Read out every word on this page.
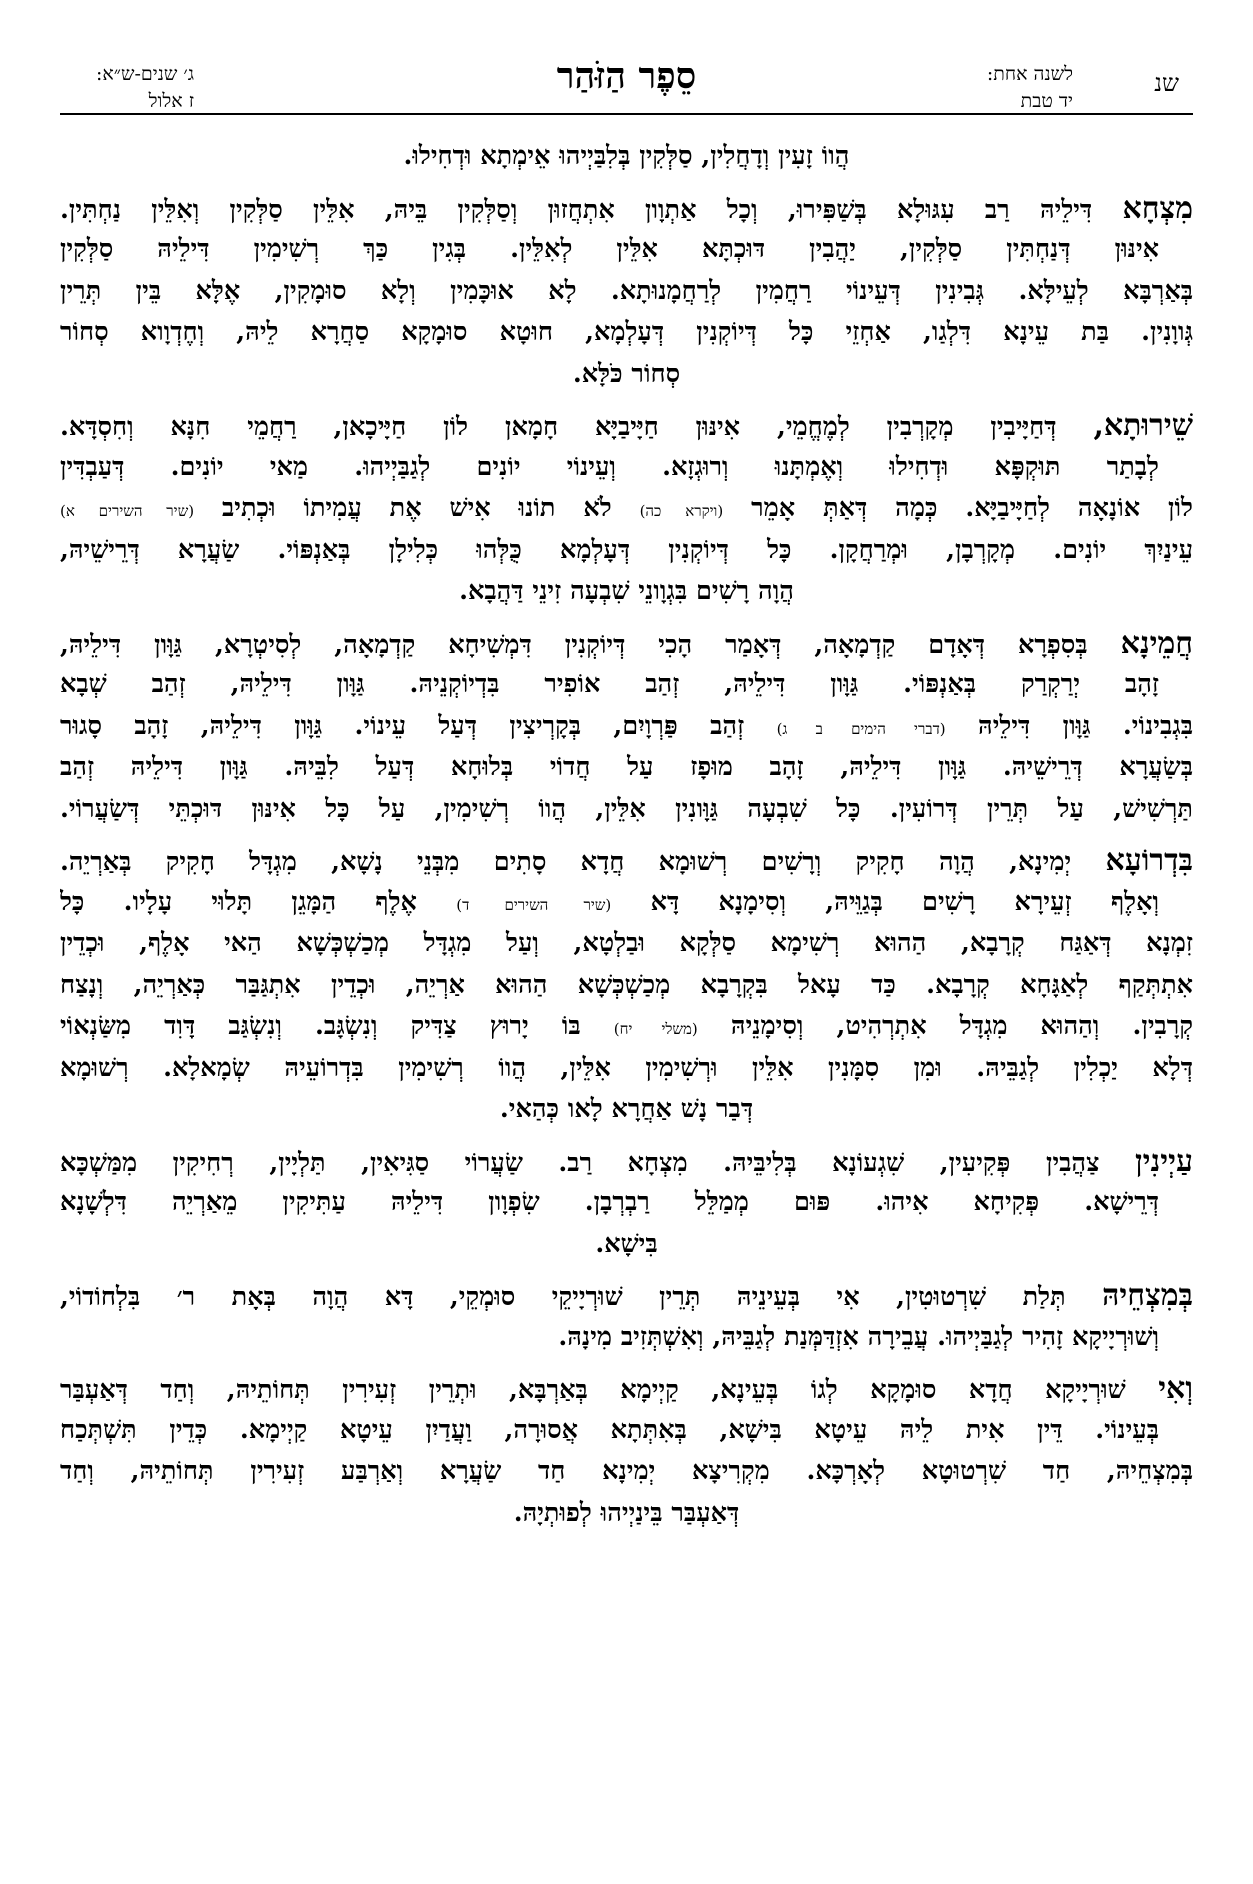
שנ
לשנה אחת:
יד טבת
סֵפֶר הַזֹּהַר
ג׳ שנים-ש״א:
ז אלול
הֲווֹ זָעִין וְדָחֲלִין, סַלְּקִין בְּלִבַּיְיהוּ אֵימְתָא וּדְחִילוּ.
מִצְחָא דִּילֵיהּ רַב עִגּוּלָא בְּשַׁפִּירוּ, וְכָל אַתְוָון אִתְחֲזוּן וְסַלְּקִין בֵּיהּ, אִלֵּין סַלְּקִין וְאִלֵּין נַחְתִּין.
אִינּוּן דְּנַחְתִּין סַלְּקִין, יַהֲבִין דּוּכְתָּא אִלֵּין לְאִלֵּין. בְּגִין כַּךְ רְשִׁימִין דִּילֵיהּ סַלְּקִין
בְּאַרְבָּא לְעֵילָּא. גְּבִינִין דְּעֵינוֹי רַחֲמִין לְרַחֲמָנוּתָא. לָא אוּכָּמִין וְלָא סוּמָקִין, אֶלָּא בֵּין תְּרֵין
גְּווָנִין. בַּת עֵינָא דִּלְגַו, אַחְזֵי כָּל דְּיוֹקְנִין דְּעָלְמָא, חוּטָא סוּמָקָא סַחֲרָא לֵיהּ, וְחֶדְוָוא סְחוֹר
סְחוֹר כֹּלָּא.
שֵׁירוּתָא, דְּחַיָּיבִין מְקָרְבִין לְמֶחֱמֵי, אִינּוּן חַיָּיבַיָּא חָמָאן לוֹן חַיָּיכָאן, רַחֲמֵי חִנָּא וְחִסְדָּא.
לְבָתַר תּוּקְפָּא וּדְחִילוּ וְאֶמְתָּנוּ וְרוּגְזָא. וְעֵינוֹי יוֹנִים לְגַבַּיְיהוּ. מַאי יוֹנִים. דְּעַבְדִּין
לוֹן אוֹנָאָה לְחַיָּיבַיָּא. כְּמָה דְּאַתְּ אָמֵר (ויקרא כה) לֹא תוֹנוּ אִישׁ אֶת עֲמִיתוֹ וּכְתִיב (שיר השירים א)
עֵינַיִךְ יוֹנִים. מְקָרְבָן, וּמְרַחֲקָן. כָּל דְּיוֹקְנִין דְּעָלְמָא כֻּלְּהוּ כְּלִילָן בְּאַנְפּוֹי. שַׂעֲרָא דְּרֵישֵׁיהּ,
הֲוָה רָשִׁים בִּגְוָונֵי שִׁבְעָה זִינֵי דַּהֲבָא.
חֲמֵינָא בְּסִפְרָא דְּאָדָם קַדְמָאָה, דְּאָמַר הָכִי דְּיוֹקְנִין דִּמְשִׁיחָא קַדְמָאָה, לְסִיטְרָא, גַּוָּון דִּילֵיהּ,
זָהָב יְרַקְרַק בְּאַנְפּוֹי. גַּוָּון דִּילֵיהּ, זְהַב אוֹפִיר בִּדְיוֹקְנֵיהּ. גַּוָּון דִּילֵיהּ, זְהַב שְׁבָא
בִּגְבִינוֹי. גַּוָּון דִּילֵיהּ (דברי הימים ב ג) זְהַב פַּרְוָיִם, בְּקָרְיצִין דְּעַל עֵינוֹי. גַּוָּון דִּילֵיהּ, זָהָב סָגוּר
בְּשַׂעֲרָא דְּרֵישֵׁיהּ. גַּוָּון דִּילֵיהּ, זָהָב מוּפָז עַל חֲדוֹי בְּלוּחָא דְּעַל לִבֵּיהּ. גַּוָּון דִּילֵיהּ זְהַב
תַּרְשִׁישׁ, עַל תְּרֵין דְּרוֹעִין. כָּל שִׁבְעָה גַּוָּונִין אִלֵּין, הֲווֹ רְשִׁימִין, עַל כָּל אִינּוּן דּוּכְתֵּי דְּשַׂעֲרוֹי.
בִּדְרוֹעָא יְמִינָא, הֲוָה חָקִיק וְרָשִׁים רְשׁוּמָא חֲדָא סָתִים מִבְּנֵי נָשָׁא, מִגְדָּל חָקִיק בְּאַרְיֵה.
וְאָלֶף זְעֵירָא רָשִׁים בְּגַוֵּיהּ, וְסִימָנָא דָּא (שיר השירים ד) אֶלֶף הַמָּגֵן תָּלוּי עָלָיו. כָּל
זִמְנָא דְּאַגַּח קְרָבָא, הַהוּא רְשִׁימָא סַלְּקָא וּבַלְטָא, וְעַל מִגְדָּל מְכַשְׁכְּשָׁא הַאי אָלֶף, וּכְדֵין
אִתְתְּקַף לְאַגָּחָא קְרָבָא. כַּד עָאל בִּקְרָבָא מְכַשְׁכְּשָׁא הַהוּא אַרְיֵה, וּכְדֵין אִתְגַּבַּר כְּאַרְיֵה, וְנָצַח
קְרָבִין. וְהַהוּא מִגְדָּל אִתְרְהִיט, וְסִימָנֵיהּ (משלי יח) בּוֹ יָרוּץ צַדִּיק וְנִשְׂגָּב. וְנִשְׂגַּב דָּוִד מִשַּׂנְאוֹי
דְּלָא יַכְלִין לְגַבֵּיהּ. וּמִן סִמָּנִין אִלֵּין וּרְשִׁימִין אִלֵּין, הֲווֹ רְשִׁימִין בִּדְרוֹעֵיהּ שְׂמָאלָא. רְשׁוּמָא
דְּבַר נָשׁ אַחֲרָא לָאו כְּהַאי.
עַיְינִין צַהֲבִין פְּקִיעִין, שִׁגְעוֹנָא בְּלִיבֵּיהּ. מִצְחָא רַב. שַׂעֲרוֹי סַגִּיאִין, תַּלְיָין, רְחִיקִין מִמַּשְׁכָּא
דְּרֵישָׁא. פְּקִיחָא אִיהוּ. פּוּם מְמַלֵּל רַבְרְבָן. שִׂפְוָון דִּילֵיהּ עַתִּיקִין מֵאַרְיֵה דִּלְשָׁנָא
בִּישָׁא.
בְּמִצְחֵיהּ תְּלַת שִׁרְטוּטִין, אִי בְּעֵינֵיהּ תְּרֵין שׁוּרְיָיקֵי סוּמְקֵי, דָּא הֲוָה בְּאָת ר׳ בִּלְחוֹדוֹי,
וְשׁוּרְיָיקָא זָהִיר לְגַבַּיְיהוּ. עֲבֵירָה אִזְדַּמְּנַת לְגַבֵּיהּ, וְאִשְׁתְּזִיב מִינָהּ.
וְאִי שׁוּרְיָיקָא חֲדָא סוּמָקָא לְגוֹ בְּעֵינָא, קַיְימָא בְּאַרְבָּא, וּתְרֵין זְעִירִין תְּחוֹתֵיהּ, וְחַד דְּאַעְבַּר
בְּעֵינוֹי. דֵּין אִית לֵיהּ עֵיטָא בִּישָׁא, בְּאִתְּתָא אֲסוּרָה, וַעֲדַיִן עֵיטָא קַיְימָא. כְּדֵין תִּשְׁתְּכַח
בְּמִצְחֵיהּ, חַד שִׁרְטוּטָא לְאָרְכָּא. מִקְרִיצָא יְמִינָא חַד שַׂעֲרָא וְאַרְבַּע זְעִירִין תְּחוֹתֵיהּ, וְחַד
דְּאַעְבַּר בֵּינַיְיהוּ לְפוּתְיָהּ.
